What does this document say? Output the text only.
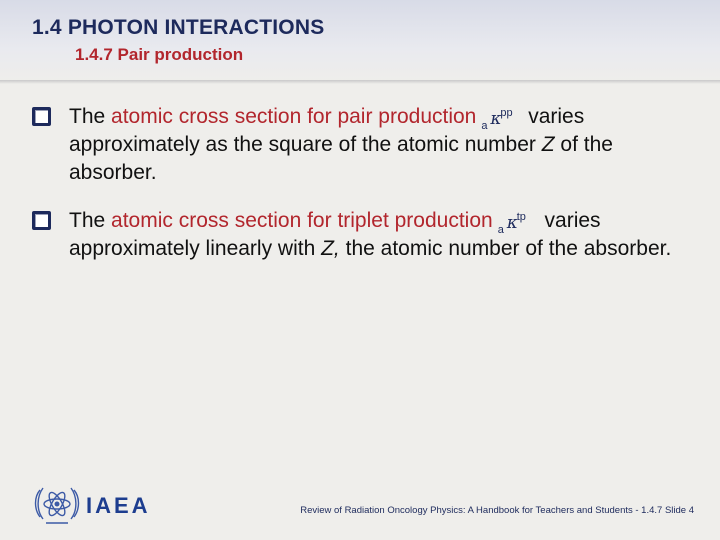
1.4 PHOTON INTERACTIONS
1.4.7 Pair production
The atomic cross section for pair production a κ
pp varies approximately as the square of the atomic number Z of the absorber.
The atomic cross section for triplet production a κ
tp varies approximately linearly with Z, the atomic number of the absorber.
IAEA	Review of Radiation Oncology Physics: A Handbook for Teachers and Students - 1.4.7 Slide 4
